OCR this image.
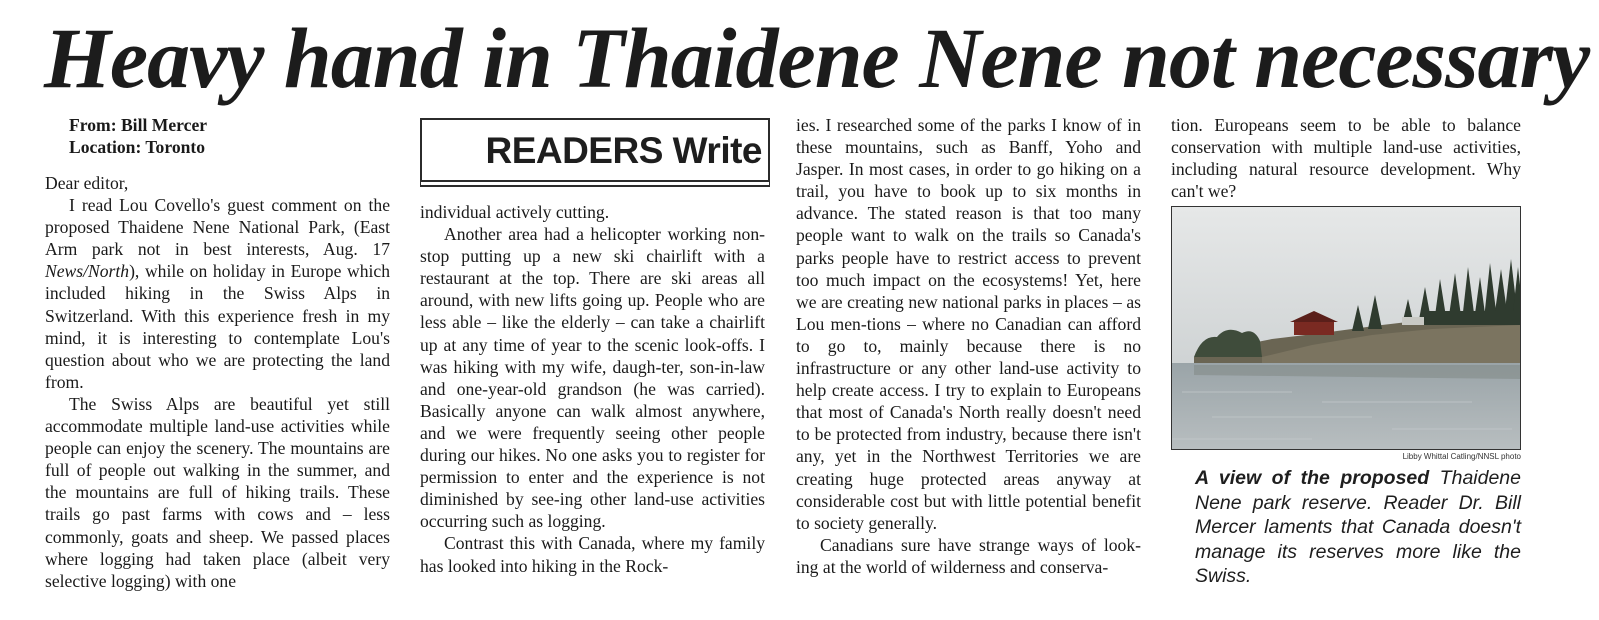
Heavy hand in Thaidene Nene not necessary

From: Bill Mercer

Location: Toronto

Dear editor,

I read Lou Covello's guest comment on the proposed Thaidene Nene National Park, (East Arm park not in best interests, Aug. 17 News/North), while on holiday in Europe which included hiking in the Swiss Alps in Switzerland. With this experience fresh in my mind, it is interesting to contemplate Lou's question about who we are protecting the land from.

The Swiss Alps are beautiful yet still accommodate multiple land-use activities while people can enjoy the scenery. The mountains are full of people out walking in the summer, and the mountains are full of hiking trails. These trails go past farms with cows and – less commonly, goats and sheep. We passed places where logging had taken place (albeit very selective logging) with one

READERS Write

individual actively cutting.

Another area had a helicopter working non-stop putting up a new ski chairlift with a restaurant at the top. There are ski areas all around, with new lifts going up. People who are less able – like the elderly – can take a chairlift up at any time of year to the scenic look-offs. I was hiking with my wife, daugh-ter, son-in-law and one-year-old grandson (he was carried). Basically anyone can walk almost anywhere, and we were frequently seeing other people during our hikes. No one asks you to register for permission to enter and the experience is not diminished by see-ing other land-use activities occurring such as logging.

Contrast this with Canada, where my family has looked into hiking in the Rock-

ies. I researched some of the parks I know of in these mountains, such as Banff, Yoho and Jasper. In most cases, in order to go hiking on a trail, you have to book up to six months in advance. The stated reason is that too many people want to walk on the trails so Canada's parks people have to restrict access to prevent too much impact on the ecosystems! Yet, here we are creating new national parks in places – as Lou men-tions – where no Canadian can afford to go to, mainly because there is no infrastructure or any other land-use activity to help create access. I try to explain to Europeans that most of Canada's North really doesn't need to be protected from industry, because there isn't any, yet in the Northwest Territories we are creating huge protected areas anyway at considerable cost but with little potential benefit to society generally.

Canadians sure have strange ways of look-ing at the world of wilderness and conserva-

tion. Europeans seem to be able to balance conservation with multiple land-use activities, including natural resource development. Why can't we?

Libby Whittal Catling/NNSL photo
A view of the proposed Thaidene Nene park reserve. Reader Dr. Bill Mercer laments that Canada doesn't manage its reserves more like the Swiss.
